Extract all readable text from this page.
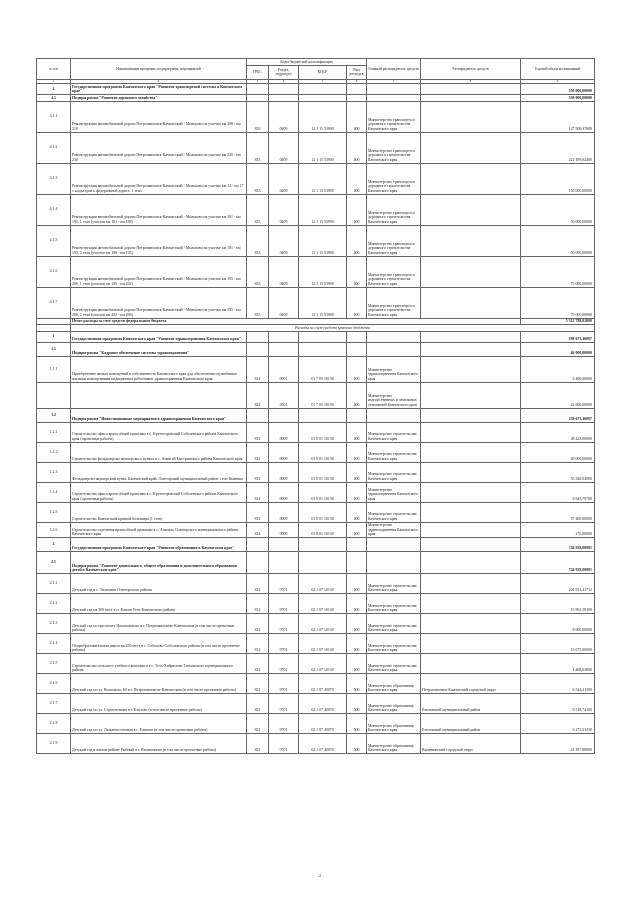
№ п/п	Наименование программ, подпрограмм, мероприятий	Коды бюджетной классификации				Главный распорядитель средств	Распорядитель средств	Годовой объем ассигнований
		ГРБС	Раздел, подраздел	КЦСР	Вид расходов			
1	2	3	4	5	6	7	8	9
4	Государственная программа Камчатского края "Развитие транспортной системы в Камчатском крае"							550 000,00000
4.1	Подпрограмма "Развитие дорожного хозяйства"							550 000,00000
4.1.1	Реконструкция автомобильной дороги Петропавловск-Камчатский - Мильково на участке км 208 - км 219	833	0409	12 1 15 53900	400	Министерство транспорта и дорожного строительства Камчатского края		127 500,37600
4.1.2	Реконструкция автомобильной дороги Петропавловск-Камчатский - Мильково на участке км 220 - км 230	833	0409	12 1 15 53900	400	Министерство транспорта и дорожного строительства Камчатского края		222 499,62400
4.1.3	Реконструкция автомобильной дороги Петропавловск-Камчатский - Мильково на участке км 12 - км 17 с подъездом к федеральной дороге, 1 этап	833	0409	12 1 15 53900	400	Министерство транспорта и дорожного строительства Камчатского края		150 000,00000
4.1.4	Реконструкция автомобильной дороги Петропавловск-Камчатский - Мильково на участке км 181 - км 195, 1 этап (участок км 181 - км 188)	833	0409	12 1 15 53900	400	Министерство транспорта и дорожного строительства Камчатского края		50 000,00000
4.1.5	Реконструкция автомобильной дороги Петропавловск-Камчатский - Мильково на участке км 181 - км 195, 2 этап (участок км 188 - км 195)	833	0409	12 1 15 53900	400	Министерство транспорта и дорожного строительства Камчатского края		50 000,00000
4.1.6	Реконструкция автомобильной дороги Петропавловск-Камчатский - Мильково на участке км 195 - км 206, 1 этап (участок км 195 - км 202)	833	0409	12 1 15 53900	400	Министерство транспорта и дорожного строительства Камчатского края		75 000,00000
4.1.7	Реконструкция автомобильной дороги Петропавловск-Камчатский - Мильково на участке км 195 - км 206, 2 этап (участок км 202 - км 206)	833	0409	12 1 15 53900	400	Министерство транспорта и дорожного строительства Камчатского края		75 000,00000
	Итого расходы за счет средств федерального бюджета							5 312 788,02000
	Расходы за счет средств краевого бюджета							
1	Государственная программа Камчатского края "Развитие здравоохранения Камчатского края"							288 673,16087
1.1	Подпрограмма "Кадровое обеспечение системы здравоохранения"							46 000,00000
1.1.1	Приобретение жилых помещений в собственность Камчатского края для обеспечения служебными жилыми помещениями медицинских работников здравоохранения Камчатского края	814	0901	01 7 05 10130	400	Министерство здравоохранения Камчатского края		3 400,00000
		822	0501	01 7 05 10130	400	Министерство имущественных и земельных отношений Камчатского края		42 600,00000
1.2	Подпрограмма "Инвестиционные мероприятия в здравоохранении Камчатского края"							239 673,16087
1.2.1	Строительство офиса врача общей практики в с. Крутогоровский Соболевского района Камчатского края (проектные работы)	812	0909	01 9 01 10130	400	Министерство строительства Камчатского края		38 423,06900
1.2.2	Строительство фельдшерско-акушерского пункта в с. Анавгай Быстринского района Камчатского края	812	0909	01 9 01 10130	400	Министерство строительства Камчатского края		49 000,00000
1.2.3	Фельдшерско-акушерский пункт, Камчатский край, Олюторский муниципальный район, село Вывенка	812	0909	01 9 01 10130	400	Министерство строительства Камчатского края		55 346,04000
1.2.4	Строительство офиса врача общей практики в с. Крутогоровский Соболевского района Камчатского края (проектные работы)	814	0909	01 9 01 10130	400	Министерство здравоохранения Камчатского края		8 645,79700
1.2.5	Строительство Камчатской краевой больницы (1 этап)	812	0909	01 9 01 10130	400	Министерство строительства Камчатского края		57 400,00000
1.2.6	Строительство отделения врача общей практики в с. Апапель Олюторского муниципального района Камчатского края	814	0909	01 9 01 10130	400	Министерство здравоохранения Камчатского края		270,00000
2	Государственная программа Камчатского края "Развитие образования в Камчатском крае"							744 928,00981
2.1	Подпрограмма "Развитие дошкольного, общего образования и дополнительного образования детей в Камчатском крае"							744 928,00981
2.1.1	Детский сад в с. Тиличики Олюторского района	812	0701	02 1 07 10130	400	Министерство строительства Камчатского края		204 912,41712
2.1.2	Детский сад на 300 мест в п. Ключи Усть-Камчатского района	812	0701	02 1 07 10130	400	Министерство строительства Камчатского края		15 902,38100
2.1.3	Детский сад по проспекту Циолковского в г. Петропавловске-Камчатском (в том числе проектные работы)	812	0701	02 1 07 10130	400	Министерство строительства Камчатского края		8 600,00000
2.1.4	Общеобразовательная школа на 250 мест в с. Соболево Соболевского района (в том числе проектные работы)	812	0702	02 1 07 10130	400	Министерство строительства Камчатского края		15 075,00000
2.1.5	Строительство сельского учебного комплекса в с. Усть-Хайрюзово Тигильского муниципального района	812	0702	02 1 07 10130	400	Министерство строительства Камчатского края		4 468,63800
2.1.6	Детский сад по ул. Вольского, 60 в г. Петропавловске-Камчатском (в том числе проектные работы)	821	0701	02 1 07 40070	500	Министерство образования Камчатского края	Петропавловск-Камчатский городской округ	6 544,41300
2.1.7	Детский сад по ул. Строительная в г. Елизово (в том числе проектные работы)	821	0701	02 1 07 40070	500	Министерство образования Камчатского края	Елизовский муниципальный район	8 518,74100
2.1.8	Детский сад по ул. Дальневосточная в г. Елизово (в том числе проектные работы)	821	0701	02 1 07 40070	500	Министерство образования Камчатского края	Елизовский муниципальный район	6 273,51410
2.1.9	Детский сад в жилом районе Рыбный в г. Вилючинске (в том числе проектные работы)	821	0701	02 1 07 40070	500	Министерство образования Камчатского края	Вилючинский городской округ	41 187,88800
2
